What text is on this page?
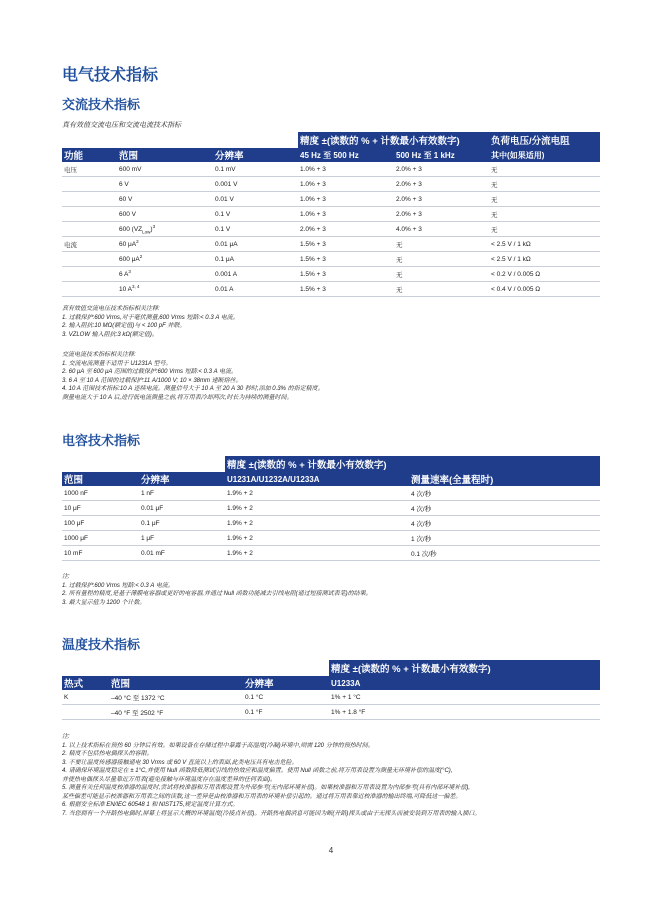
电气技术指标
交流技术指标
真有效值交流电压和交流电流技术指标
			精度 ±(读数的 % + 计数最小有效数字)		负荷电压/分流电阻
功能	范围	分辨率	45 Hz 至 500 Hz	500 Hz 至 1 kHz	其中(如果适用)
电压	600 mV	0.1 mV	1.0% + 3	2.0% + 3	无
	6 V	0.001 V	1.0% + 3	2.0% + 3	无
	60 V	0.01 V	1.0% + 3	2.0% + 3	无
	600 V	0.1 V	1.0% + 3	2.0% + 3	无
	600 $(VZ_{Low})^3$	0.1 V	2.0% + 3	4.0% + 3	无
电流	60 $\mu A^2$	0.01 μA	1.5% + 3	无	< 2.5 V / 1 kΩ
	600 $\mu A^2$	0.1 μA	1.5% + 3	无	< 2.5 V / 1 kΩ
	6 $A^3$	0.001 A	1.5% + 3	无	< 0.2 V / 0.005 Ω
	10 A$^{3, 4}$	0.01 A	1.5% + 3	无	< 0.4 V / 0.005 Ω
真有效值交流电压技术指标相关注释:
1. 过载保护:600 Vrms,对于毫伏测量,600 Vrms 短路:< 0.3 A 电流。
2. 输入阻抗:10 MΩ(额定值)与 < 100 pF 并联。
3. VZLOW 输入阻抗:3 kΩ(额定值)。
交流电流技术指标相关注释:
1. 交流电流测量不适用于 U1231A 型号。
2. 60 μA 至 600 μA 范围的过载保护:600 Vrms 短路:< 0.3 A 电流。
3. 6 A 至 10 A 范围的过载保护:11 A/1000 V; 10 × 38mm 速断熔丝。
4. 10 A 范围技术指标:10 A 连续电流。测量信号大于 10 A 至 20 A 30 秒时,添加 0.3% 的指定精度。
测量电流大于 10 A 后,进行低电流测量之前,将万用表冷却两次,时长为持续的测量时间。
电容技术指标
		精度 ±(读数的 % + 计数最小有效数字)	
范围	分辨率	U1231A/U1232A/U1233A	测量速率(全量程时)
1000 nF	1 nF	1.9% + 2	4 次/秒
10 μF	0.01 μF	1.9% + 2	4 次/秒
100 μF	0.1 μF	1.9% + 2	4 次/秒
1000 μF	1 μF	1.9% + 2	1 次/秒
10 mF	0.01 mF	1.9% + 2	0.1 次/秒
注:
1. 过载保护:600 Vrms 短路:< 0.3 A 电流。
2. 所有量程的精度,是基于薄膜电容器或更好的电容器,并通过 Null 函数功能减去引线电阻(通过短接测试表笔)的结果。
3. 最大显示值为 1200 个计数。
温度技术指标
			精度 ±(读数的 % + 计数最小有效数字)
热式	范围	分辨率	U1233A
K	–40 °C 至 1372 °C	0.1 °C	1% + 1 °C
	–40 °F 至 2502 °F	0.1 °F	1% + 1.8 °F
注:
1. 以上技术指标在预热 60 分钟后有效。如果设备在存储过程中暴露于高湿度(冷凝)环境中,则需 120 分钟的预热时间。
2. 精度不包括热电偶探头的容限。
3. 不要让温度传感器接触通电 30 Vrms 或 60 V 直流以上的表面,此类电压具有电击危险。
4. 请确保环境温度稳定在 ± 1°C,并使用 Null 函数降低测试引线的热效应和温度偏置。使用 Null 函数之前,将万用表设置为测量无环境补偿的温度(°C),
并使热电偶探头尽量靠近万用表(避免接触与环境温度存在温度差异的任何表面)。
5. 测量有关任何温度校准器的温度时,尝试将校准器和万用表都设置为外部参考(无内部环境补偿)。如果校准器和万用表设置为内部参考(具有内部环境补偿),
某些偏差可能显示校准器和万用表之间的读数,这一差异是由校准器和万用表的环境补偿引起的。通过将万用表靠近校准器的输出终端,可降低这一偏差。
6. 根据安全标准 EN/IEC 60548 1 和 NIST175,规定温度计算方式。
7. 当您拥有一个开路热电偶时,屏幕上将显示大概的环境温度(冷接点补偿)。开路热电偶消息可能因为断(开路)探头或由于无探头而被安装到万用表的输入插口。
4
